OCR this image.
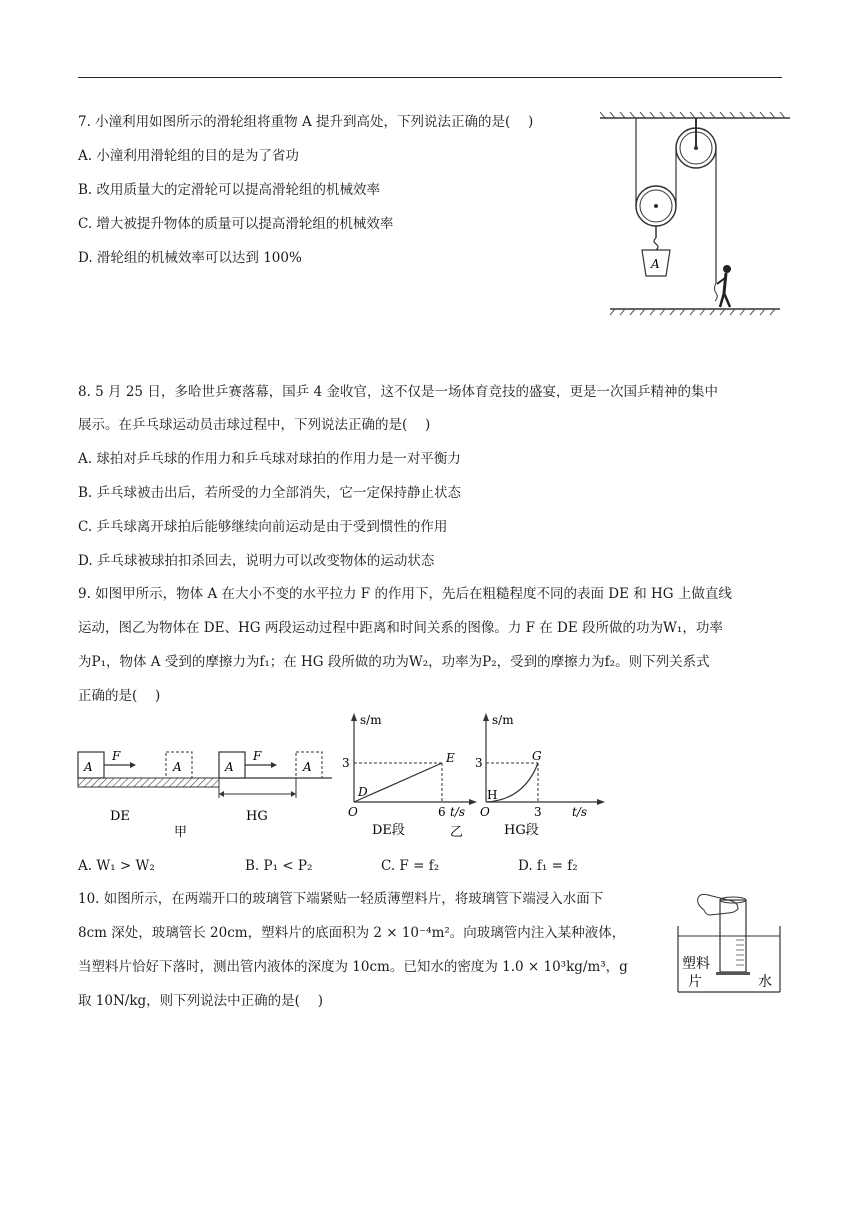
7. 小潼利用如图所示的滑轮组将重物 A 提升到高处，下列说法正确的是(　 )
A. 小潼利用滑轮组的目的是为了省功
B. 改用质量大的定滑轮可以提高滑轮组的机械效率
C. 增大被提升物体的质量可以提高滑轮组的机械效率
D. 滑轮组的机械效率可以达到 100%	A
8. 5 月 25 日，多哈世乒赛落幕，国乒 4 金收官，这不仅是一场体育竞技的盛宴，更是一次国乒精神的集中
展示。在乒乓球运动员击球过程中，下列说法正确的是(　 )
A. 球拍对乒乓球的作用力和乒乓球对球拍的作用力是一对平衡力
B. 乒乓球被击出后，若所受的力全部消失，它一定保持静止状态
C. 乒乓球离开球拍后能够继续向前运动是由于受到惯性的作用
D. 乒乓球被球拍扣杀回去，说明力可以改变物体的运动状态
9. 如图甲所示，物体 A 在大小不变的水平拉力 F 的作用下，先后在粗糙程度不同的表面 DE 和 HG 上做直线
运动，图乙为物体在 DE、HG 两段运动过程中距离和时间关系的图像。力 F 在 DE 段所做的功为W₁，功率
为P₁，物体 A 受到的摩擦力为f₁；在 HG 段所做的功为W₂，功率为P₂，受到的摩擦力为f₂。则下列关系式
正确的是(　 )
A
F
A	A
F
A
DE	HG
甲
s/m
3	E
D
O	6 t/s
DE段	乙
s/m
3	G
H
O	3	t/s
HG段
A. W₁ > W₂	B. P₁ < P₂	C. F = f₂	D. f₁ = f₂
10. 如图所示，在两端开口的玻璃管下端紧贴一轻质薄塑料片，将玻璃管下端浸入水面下
8cm 深处，玻璃管长 20cm，塑料片的底面积为 2 × 10⁻⁴m²。向玻璃管内注入某种液体，
当塑料片恰好下落时，测出管内液体的深度为 10cm。已知水的密度为 1.0 × 10³kg/m³，g
取 10N/kg，则下列说法中正确的是(　 )
塑料
片	水
